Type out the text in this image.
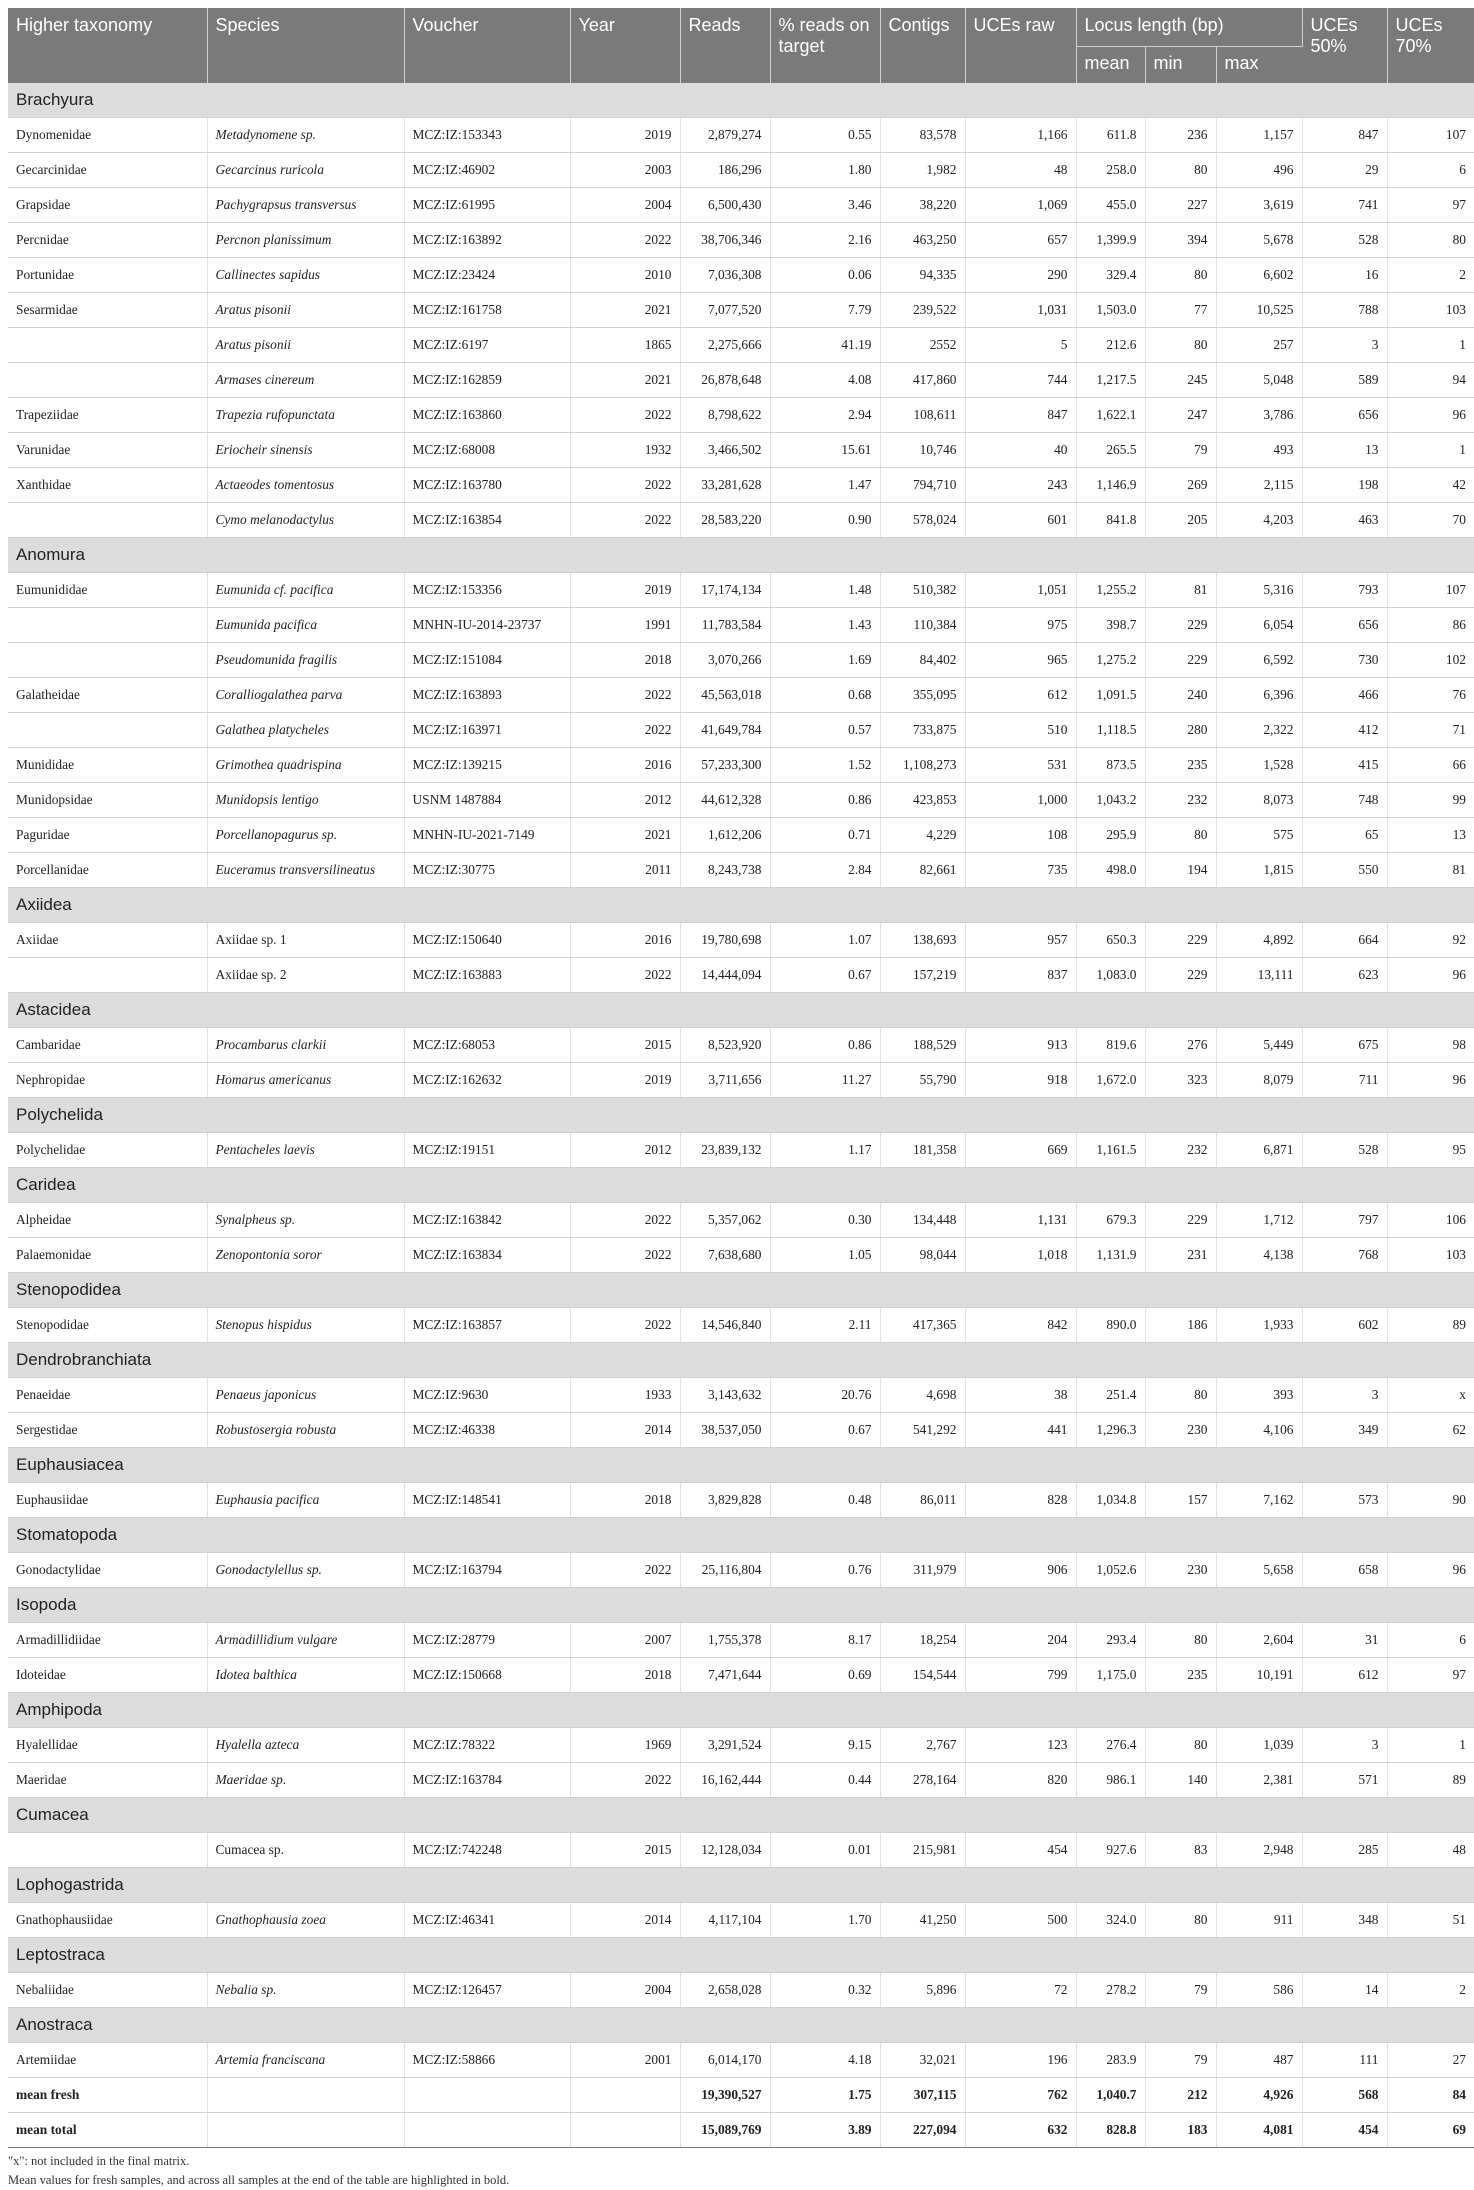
Higher taxonomy	Species	Voucher	Year	Reads	% reads on target	Contigs	UCEs raw	Locus length (bp)			UCEs 50%	UCEs 70%
								mean	min	max		
Brachyura												
Dynomenidae	Metadynomene sp.	MCZ:IZ:153343	2019	2,879,274	0.55	83,578	1,166	611.8	236	1,157	847	107
Gecarcinidae	Gecarcinus ruricola	MCZ:IZ:46902	2003	186,296	1.80	1,982	48	258.0	80	496	29	6
Grapsidae	Pachygrapsus transversus	MCZ:IZ:61995	2004	6,500,430	3.46	38,220	1,069	455.0	227	3,619	741	97
Percnidae	Percnon planissimum	MCZ:IZ:163892	2022	38,706,346	2.16	463,250	657	1,399.9	394	5,678	528	80
Portunidae	Callinectes sapidus	MCZ:IZ:23424	2010	7,036,308	0.06	94,335	290	329.4	80	6,602	16	2
Sesarmidae	Aratus pisonii	MCZ:IZ:161758	2021	7,077,520	7.79	239,522	1,031	1,503.0	77	10,525	788	103
	Aratus pisonii	MCZ:IZ:6197	1865	2,275,666	41.19	2552	5	212.6	80	257	3	1
	Armases cinereum	MCZ:IZ:162859	2021	26,878,648	4.08	417,860	744	1,217.5	245	5,048	589	94
Trapeziidae	Trapezia rufopunctata	MCZ:IZ:163860	2022	8,798,622	2.94	108,611	847	1,622.1	247	3,786	656	96
Varunidae	Eriocheir sinensis	MCZ:IZ:68008	1932	3,466,502	15.61	10,746	40	265.5	79	493	13	1
Xanthidae	Actaeodes tomentosus	MCZ:IZ:163780	2022	33,281,628	1.47	794,710	243	1,146.9	269	2,115	198	42
	Cymo melanodactylus	MCZ:IZ:163854	2022	28,583,220	0.90	578,024	601	841.8	205	4,203	463	70
Anomura												
Eumunididae	Eumunida cf. pacifica	MCZ:IZ:153356	2019	17,174,134	1.48	510,382	1,051	1,255.2	81	5,316	793	107
	Eumunida pacifica	MNHN-IU-2014-23737	1991	11,783,584	1.43	110,384	975	398.7	229	6,054	656	86
	Pseudomunida fragilis	MCZ:IZ:151084	2018	3,070,266	1.69	84,402	965	1,275.2	229	6,592	730	102
Galatheidae	Coralliogalathea parva	MCZ:IZ:163893	2022	45,563,018	0.68	355,095	612	1,091.5	240	6,396	466	76
	Galathea platycheles	MCZ:IZ:163971	2022	41,649,784	0.57	733,875	510	1,118.5	280	2,322	412	71
Munididae	Grimothea quadrispina	MCZ:IZ:139215	2016	57,233,300	1.52	1,108,273	531	873.5	235	1,528	415	66
Munidopsidae	Munidopsis lentigo	USNM 1487884	2012	44,612,328	0.86	423,853	1,000	1,043.2	232	8,073	748	99
Paguridae	Porcellanopagurus sp.	MNHN-IU-2021-7149	2021	1,612,206	0.71	4,229	108	295.9	80	575	65	13
Porcellanidae	Euceramus transversilineatus	MCZ:IZ:30775	2011	8,243,738	2.84	82,661	735	498.0	194	1,815	550	81
Axiidea												
Axiidae	Axiidae sp. 1	MCZ:IZ:150640	2016	19,780,698	1.07	138,693	957	650.3	229	4,892	664	92
	Axiidae sp. 2	MCZ:IZ:163883	2022	14,444,094	0.67	157,219	837	1,083.0	229	13,111	623	96
Astacidea												
Cambaridae	Procambarus clarkii	MCZ:IZ:68053	2015	8,523,920	0.86	188,529	913	819.6	276	5,449	675	98
Nephropidae	Homarus americanus	MCZ:IZ:162632	2019	3,711,656	11.27	55,790	918	1,672.0	323	8,079	711	96
Polychelida												
Polychelidae	Pentacheles laevis	MCZ:IZ:19151	2012	23,839,132	1.17	181,358	669	1,161.5	232	6,871	528	95
Caridea												
Alpheidae	Synalpheus sp.	MCZ:IZ:163842	2022	5,357,062	0.30	134,448	1,131	679.3	229	1,712	797	106
Palaemonidae	Zenopontonia soror	MCZ:IZ:163834	2022	7,638,680	1.05	98,044	1,018	1,131.9	231	4,138	768	103
Stenopodidea												
Stenopodidae	Stenopus hispidus	MCZ:IZ:163857	2022	14,546,840	2.11	417,365	842	890.0	186	1,933	602	89
Dendrobranchiata												
Penaeidae	Penaeus japonicus	MCZ:IZ:9630	1933	3,143,632	20.76	4,698	38	251.4	80	393	3	x
Sergestidae	Robustosergia robusta	MCZ:IZ:46338	2014	38,537,050	0.67	541,292	441	1,296.3	230	4,106	349	62
Euphausiacea												
Euphausiidae	Euphausia pacifica	MCZ:IZ:148541	2018	3,829,828	0.48	86,011	828	1,034.8	157	7,162	573	90
Stomatopoda												
Gonodactylidae	Gonodactylellus sp.	MCZ:IZ:163794	2022	25,116,804	0.76	311,979	906	1,052.6	230	5,658	658	96
Isopoda												
Armadillidiidae	Armadillidium vulgare	MCZ:IZ:28779	2007	1,755,378	8.17	18,254	204	293.4	80	2,604	31	6
Idoteidae	Idotea balthica	MCZ:IZ:150668	2018	7,471,644	0.69	154,544	799	1,175.0	235	10,191	612	97
Amphipoda												
Hyalellidae	Hyalella azteca	MCZ:IZ:78322	1969	3,291,524	9.15	2,767	123	276.4	80	1,039	3	1
Maeridae	Maeridae sp.	MCZ:IZ:163784	2022	16,162,444	0.44	278,164	820	986.1	140	2,381	571	89
Cumacea												
	Cumacea sp.	MCZ:IZ:742248	2015	12,128,034	0.01	215,981	454	927.6	83	2,948	285	48
Lophogastrida												
Gnathophausiidae	Gnathophausia zoea	MCZ:IZ:46341	2014	4,117,104	1.70	41,250	500	324.0	80	911	348	51
Leptostraca												
Nebaliidae	Nebalia sp.	MCZ:IZ:126457	2004	2,658,028	0.32	5,896	72	278.2	79	586	14	2
Anostraca												
Artemiidae	Artemia franciscana	MCZ:IZ:58866	2001	6,014,170	4.18	32,021	196	283.9	79	487	111	27
mean fresh				19,390,527	1.75	307,115	762	1,040.7	212	4,926	568	84
mean total				15,089,769	3.89	227,094	632	828.8	183	4,081	454	69
"x": not included in the final matrix.
Mean values for fresh samples, and across all samples at the end of the table are highlighted in bold.
